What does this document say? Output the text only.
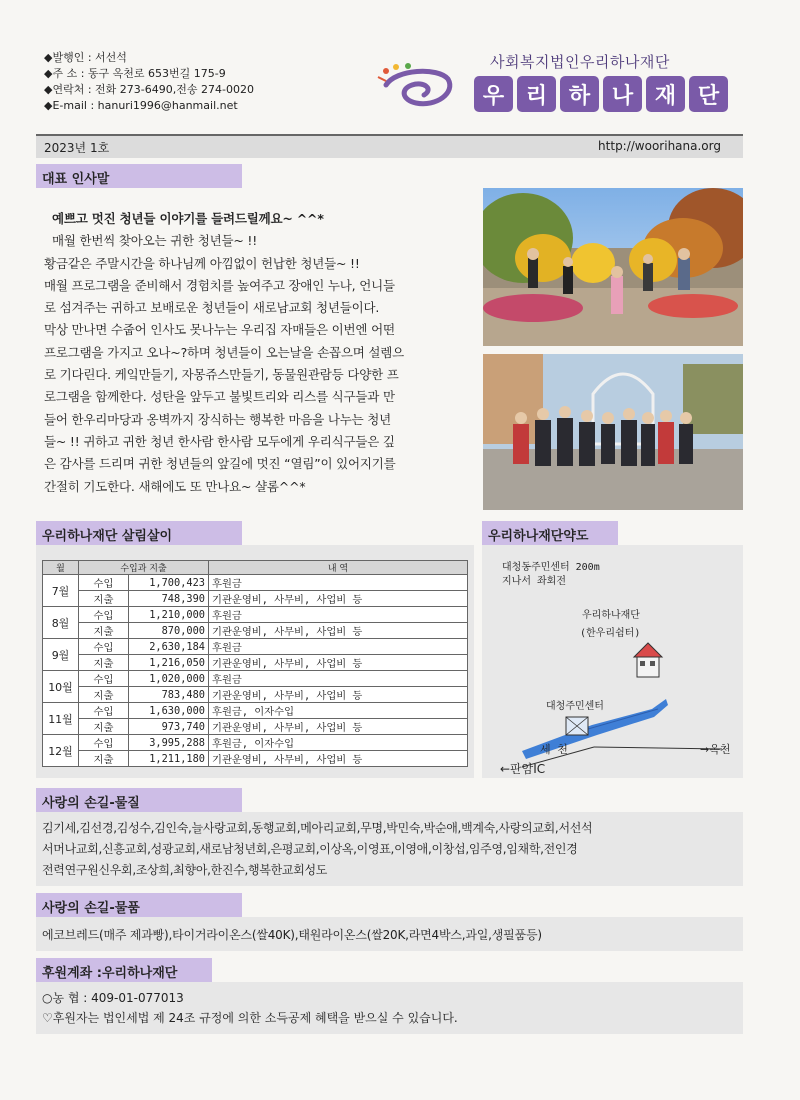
◆발행인 : 서선석
◆주 소 : 동구 옥천로 653번길 175-9
◆연락처 : 전화 273-6490,전송 274-0020
◆E-mail : hanuri1996@hanmail.net
사회복지법인우리하나재단
우 리 하 나 재 단
2023년 1호	http://woorihana.org
대표 인사말

예쁘고 멋진 청년들 이야기를 들려드릴께요~ ^^*

매월 한번씩 찾아오는 귀한 청년들~ !!

황금같은 주말시간을 하나님께 아낌없이 헌납한 청년들~ !!

매월 프로그램을 준비해서 경험치를 높여주고 장애인 누나, 언니들

로 섬겨주는 귀하고 보배로운 청년들이 새로남교회 청년들이다.

막상 만나면 수줍어 인사도 못나누는 우리집 자매들은 이번엔 어떤

프로그램을 가지고 오나~?하며 청년들이 오는날을 손꼽으며 설렘으

로 기다린다. 케잌만들기, 자몽쥬스만들기, 동물원관람등 다양한 프

로그램을 함께한다. 성탄을 앞두고 불빛트리와 리스를 식구들과 만

들어 한우리마당과 옹벽까지 장식하는 행복한 마음을 나누는 청년

들~ !! 귀하고 귀한 청년 한사람 한사람 모두에게 우리식구들은 깊

은 감사를 드리며 귀한 청년들의 앞길에 멋진 “열림”이 있어지기를

간절히 기도한다. 새해에도 또 만나요~ 샬롬^^*

우리하나재단 살림살이
월	수입과 지출		내 역
7월	수입	1,700,423	후원금
	지출	748,390	기관운영비, 사무비, 사업비 등
8월	수입	1,210,000	후원금
	지출	870,000	기관운영비, 사무비, 사업비 등
9월	수입	2,630,184	후원금
	지출	1,216,050	기관운영비, 사무비, 사업비 등
10월	수입	1,020,000	후원금
	지출	783,480	기관운영비, 사무비, 사업비 등
11월	수입	1,630,000	후원금, 이자수입
	지출	973,740	기관운영비, 사무비, 사업비 등
12월	수입	3,995,288	후원금, 이자수입
	지출	1,211,180	기관운영비, 사무비, 사업비 등
우리하나재단약도
대청동주민센터 200m
지나서 좌회전
우리하나재단
(한우리쉼터)
대청주민센터
세 천	→옥천
←판암IC
사랑의 손길-물질
김기세,김선경,김성수,김인숙,늘사랑교회,동행교회,메아리교회,무명,박민숙,박순애,백계숙,사랑의교회,서선석
서머나교회,신흥교회,성광교회,새로남청년회,은평교회,이상옥,이영표,이영애,이창섭,임주영,임채학,전인경
전력연구원신우회,조상희,최향아,한진수,행복한교회성도
사랑의 손길-물품
에코브레드(매주 제과빵),타이거라이온스(쌀40K),태원라이온스(쌀20K,라면4박스,과일,생필품등)
후원계좌 :우리하나재단
○농 협 : 409-01-077013
♡후원자는 법인세법 제 24조 규정에 의한 소득공제 혜택을 받으실 수 있습니다.
